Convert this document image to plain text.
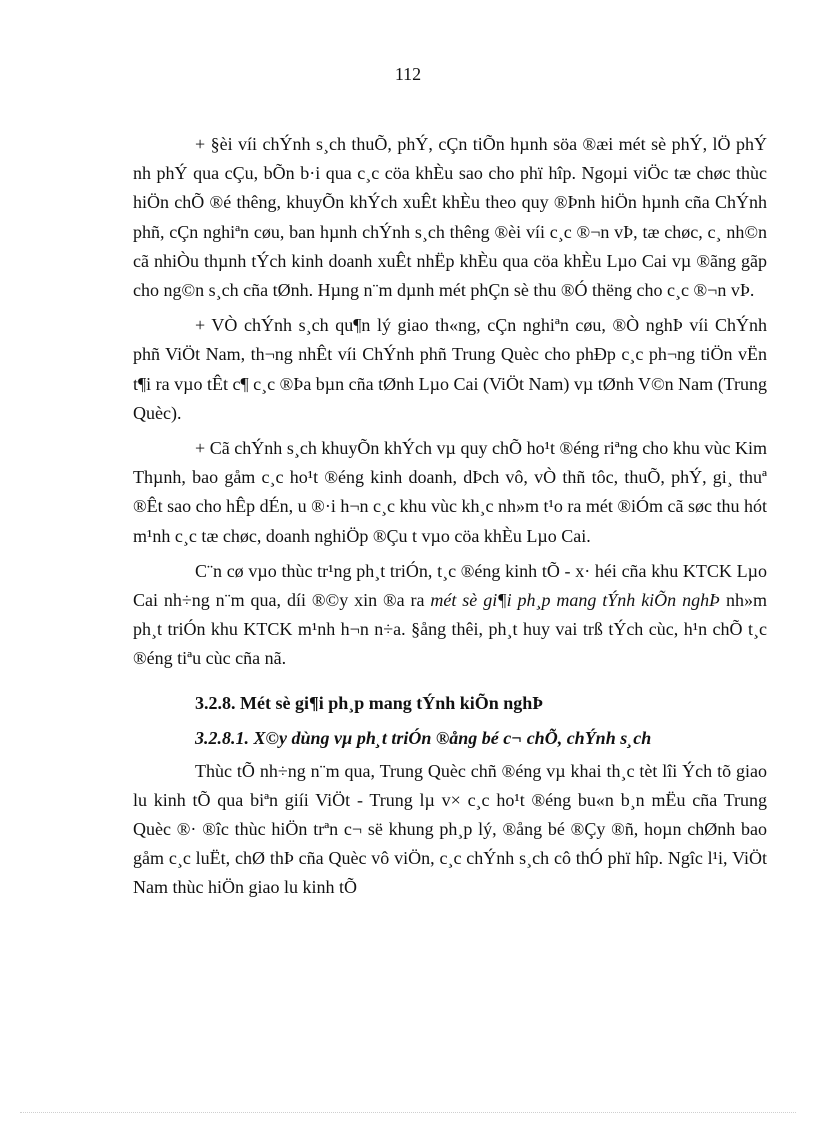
112

+ §èi víi chÝnh s¸ch thuÕ, phÝ, cÇn tiÕn hµnh söa ®æi mét sè phÝ, lÖ phÝ nh phÝ qua cÇu, bÕn b·i qua c¸c cöa khÈu sao cho phï hîp. Ngoµi viÖc tæ chøc thùc hiÖn chÕ ®é thêng, khuyÕn khÝch xuÊt khÈu theo quy ®Þnh hiÖn hµnh cña ChÝnh phñ, cÇn nghiªn cøu, ban hµnh chÝnh s¸ch thêng ®èi víi c¸c ®¬n vÞ, tæ chøc, c¸ nh©n cã nhiÒu thµnh tÝch kinh doanh xuÊt nhËp khÈu qua cöa khÈu Lµo Cai vµ ®ãng gãp cho ng©n s¸ch cña tØnh. Hµng n¨m dµnh mét phÇn sè thu ®Ó thëng cho c¸c ®¬n vÞ.

+ VÒ chÝnh s¸ch qu¶n lý giao th«ng, cÇn nghiªn cøu, ®Ò nghÞ víi ChÝnh phñ ViÖt Nam, th¬ng nhÊt víi ChÝnh phñ Trung Quèc cho phÐp c¸c ph¬ng tiÖn vËn t¶i ra vµo tÊt c¶ c¸c ®Þa bµn cña tØnh Lµo Cai (ViÖt Nam) vµ tØnh V©n Nam (Trung Quèc).

+ Cã chÝnh s¸ch khuyÕn khÝch vµ quy chÕ ho¹t ®éng riªng cho khu vùc Kim Thµnh, bao gåm c¸c ho¹t ®éng kinh doanh, dÞch vô, vÒ thñ tôc, thuÕ, phÝ, gi¸ thuª ®Êt sao cho hÊp dÉn, u ®·i h¬n c¸c khu vùc kh¸c nh»m t¹o ra mét ®iÓm cã søc thu hót m¹nh c¸c tæ chøc, doanh nghiÖp ®Çu t vµo cöa khÈu Lµo Cai.

C¨n cø vµo thùc tr¹ng ph¸t triÓn, t¸c ®éng kinh tÕ - x· héi cña khu KTCK Lµo Cai nh÷ng n¨m qua, díi ®©y xin ®a ra mét sè gi¶i ph¸p mang tÝnh kiÕn nghÞ nh»m ph¸t triÓn khu KTCK m¹nh h¬n n÷a. §ång thêi, ph¸t huy vai trß tÝch cùc, h¹n chÕ t¸c ®éng tiªu cùc cña nã.

3.2.8. Mét sè gi¶i ph¸p mang tÝnh kiÕn nghÞ
3.2.8.1. X©y dùng vµ ph¸t triÓn ®ång bé c¬ chÕ, chÝnh s¸ch

Thùc tÕ nh÷ng n¨m qua, Trung Quèc chñ ®éng vµ khai th¸c tèt lîi Ých tõ giao lu kinh tÕ qua biªn giíi ViÖt - Trung lµ v× c¸c ho¹t ®éng bu«n b¸n mËu cña Trung Quèc ®· ®îc thùc hiÖn trªn c¬ së khung ph¸p lý, ®ång bé ®Çy ®ñ, hoµn chØnh bao gåm c¸c luËt, chØ thÞ cña Quèc vô viÖn, c¸c chÝnh s¸ch cô thÓ phï hîp. Ngîc l¹i, ViÖt Nam thùc hiÖn giao lu kinh tÕ
